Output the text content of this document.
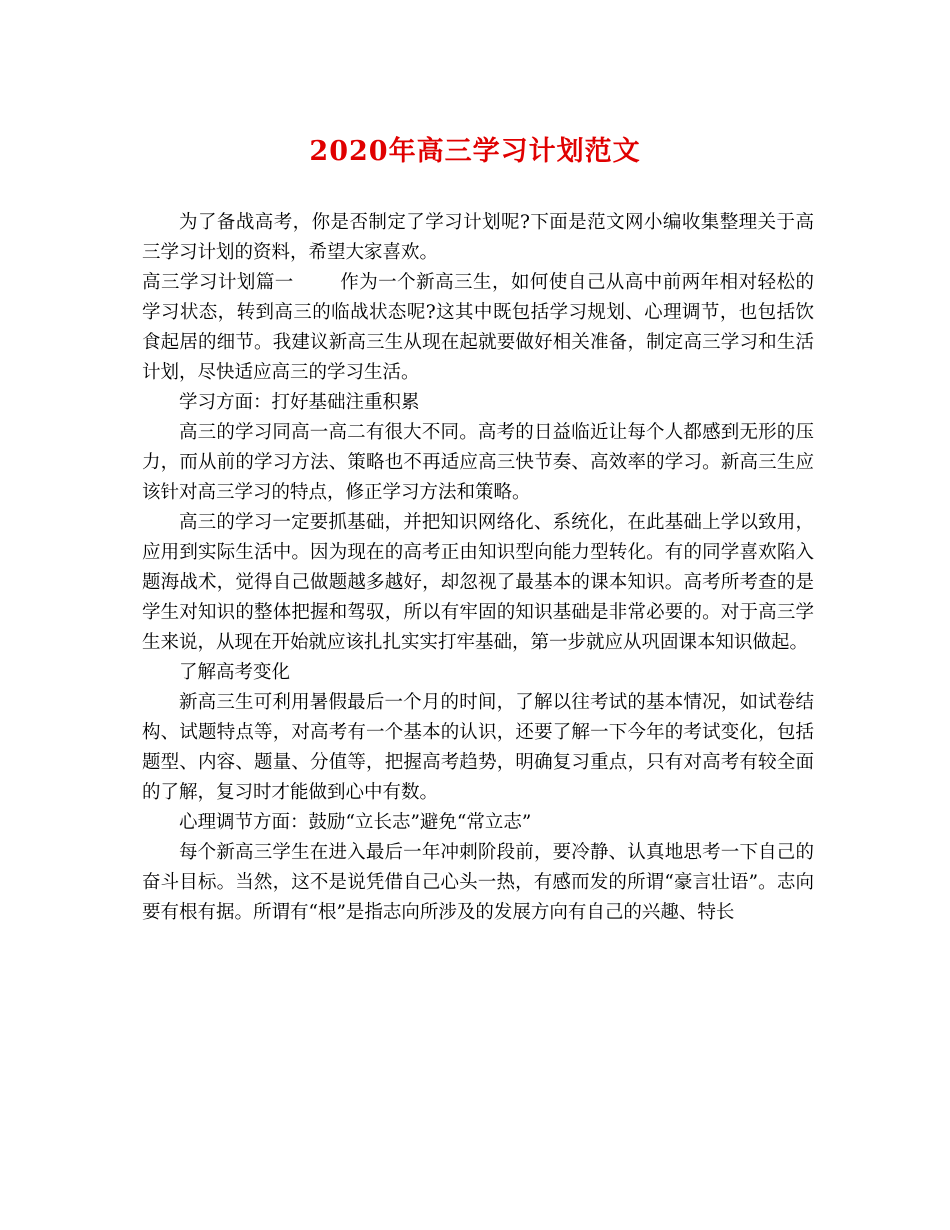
2020年高三学习计划范文

为了备战高考，你是否制定了学习计划呢?下面是范文网小编收集整理关于高三学习计划的资料，希望大家喜欢。

高三学习计划篇一 作为一个新高三生，如何使自己从高中前两年相对轻松的学习状态，转到高三的临战状态呢?这其中既包括学习规划、心理调节，也包括饮食起居的细节。我建议新高三生从现在起就要做好相关准备，制定高三学习和生活计划，尽快适应高三的学习生活。

学习方面：打好基础注重积累

高三的学习同高一高二有很大不同。高考的日益临近让每个人都感到无形的压力，而从前的学习方法、策略也不再适应高三快节奏、高效率的学习。新高三生应该针对高三学习的特点，修正学习方法和策略。

高三的学习一定要抓基础，并把知识网络化、系统化，在此基础上学以致用，应用到实际生活中。因为现在的高考正由知识型向能力型转化。有的同学喜欢陷入题海战术，觉得自己做题越多越好，却忽视了最基本的课本知识。高考所考查的是学生对知识的整体把握和驾驭，所以有牢固的知识基础是非常必要的。对于高三学生来说，从现在开始就应该扎扎实实打牢基础，第一步就应从巩固课本知识做起。

了解高考变化

新高三生可利用暑假最后一个月的时间，了解以往考试的基本情况，如试卷结构、试题特点等，对高考有一个基本的认识，还要了解一下今年的考试变化，包括题型、内容、题量、分值等，把握高考趋势，明确复习重点，只有对高考有较全面的了解，复习时才能做到心中有数。

心理调节方面：鼓励“立长志”避免“常立志”

每个新高三学生在进入最后一年冲刺阶段前，要冷静、认真地思考一下自己的奋斗目标。当然，这不是说凭借自己心头一热，有感而发的所谓“豪言壮语”。志向要有根有据。所谓有“根”是指志向所涉及的发展方向有自己的兴趣、特长
